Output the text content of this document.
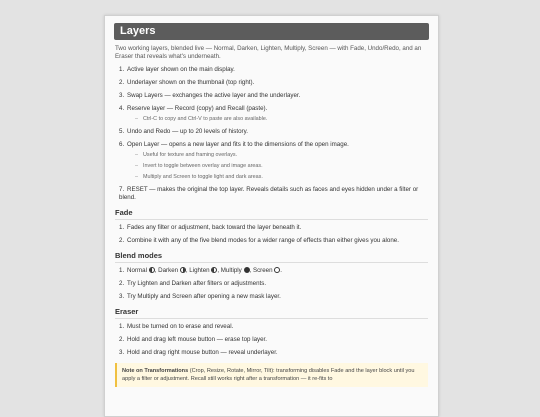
Layers
Two working layers, blended live — Normal, Darken, Lighten, Multiply, Screen — with Fade, Undo/Redo, and an Eraser that reveals what's underneath.
1. Active layer shown on the main display.
2. Underlayer shown on the thumbnail (top right).
3. Swap Layers — exchanges the active layer and the underlayer.
4. Reserve layer — Record (copy) and Recall (paste).
– Ctrl-C to copy and Ctrl-V to paste are also available.
5. Undo and Redo — up to 20 levels of history.
6. Open Layer — opens a new layer and fits it to the dimensions of the open image.
– Useful for texture and framing overlays.
– Invert to toggle between overlay and image areas.
– Multiply and Screen to toggle light and dark areas.
7. RESET — makes the original the top layer. Reveals details such as faces and eyes hidden under a filter or blend.
Fade
1. Fades any filter or adjustment, back toward the layer beneath it.
2. Combine it with any of the five blend modes for a wider range of effects than either gives you alone.
Blend modes
1. Normal , Darken , Lighten , Multiply , Screen .
2. Try Lighten and Darken after filters or adjustments.
3. Try Multiply and Screen after opening a new mask layer.
Eraser
1. Must be turned on to erase and reveal.
2. Hold and drag left mouse button — erase top layer.
3. Hold and drag right mouse button — reveal underlayer.
Note on Transformations (Crop, Resize, Rotate, Mirror, Tilt): transforming disables Fade and the layer block until you apply a filter or adjustment. Recall still works right after a transformation — it re-fits to
